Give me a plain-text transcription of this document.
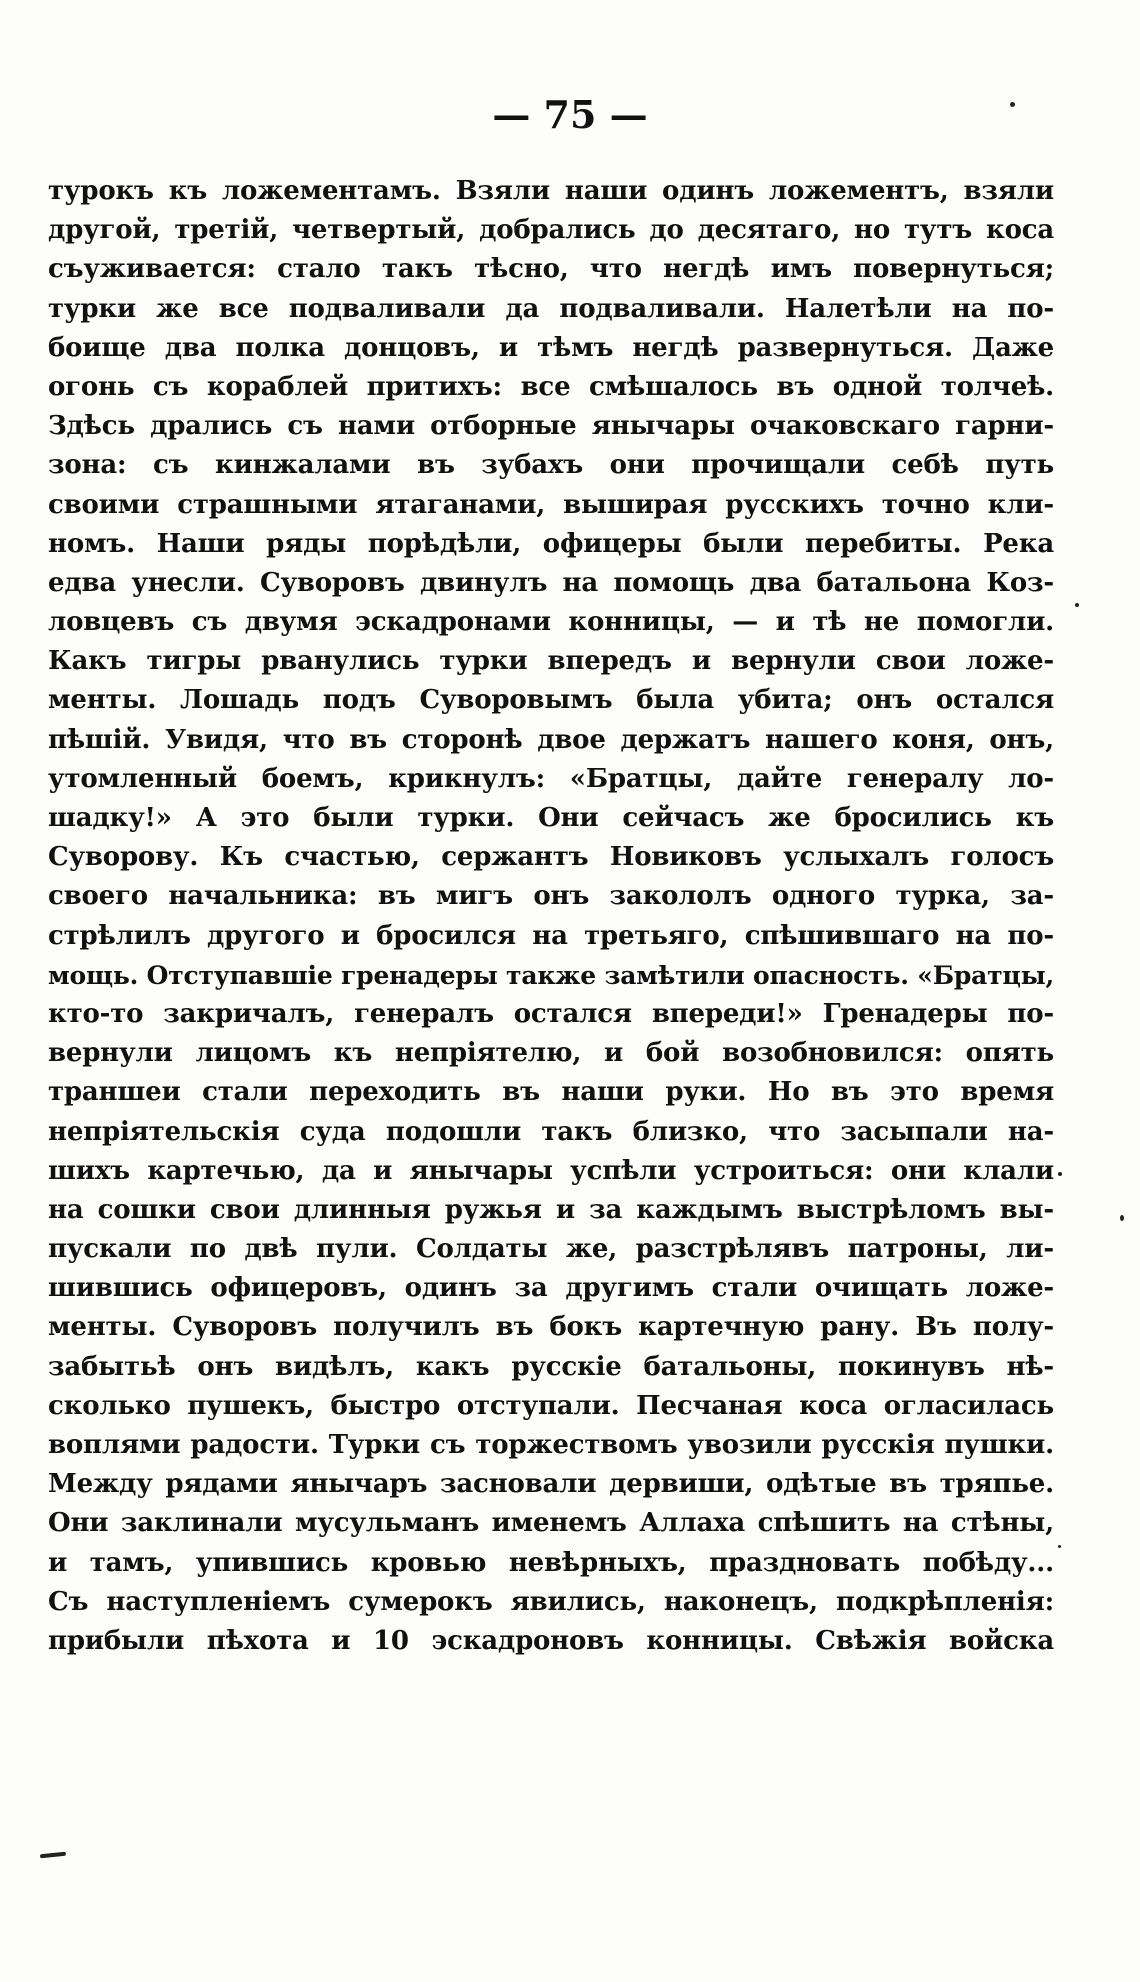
— 75 —
турокъ къ ложементамъ. Взяли наши одинъ ложементъ, взяли
другой, третій, четвертый, добрались до десятаго, но тутъ коса
съуживается: стало такъ тѣсно, что негдѣ имъ повернуться;
турки же все подваливали да подваливали. Налетѣли на по-
боище два полка донцовъ, и тѣмъ негдѣ развернуться. Даже
огонь съ кораблей притихъ: все смѣшалось въ одной толчеѣ.
Здѣсь дрались съ нами отборные янычары очаковскаго гарни-
зона: съ кинжалами въ зубахъ они прочищали себѣ путь
своими страшными ятаганами, выширая русскихъ точно кли-
номъ. Наши ряды порѣдѣли, офицеры были перебиты. Река
едва унесли. Суворовъ двинулъ на помощь два батальона Коз-
ловцевъ съ двумя эскадронами конницы, — и тѣ не помогли.
Какъ тигры рванулись турки впередъ и вернули свои ложе-
менты. Лошадь подъ Суворовымъ была убита; онъ остался
пѣшій. Увидя, что въ сторонѣ двое держатъ нашего коня, онъ,
утомленный боемъ, крикнулъ: «Братцы, дайте генералу ло-
шадку!» А это были турки. Они сейчасъ же бросились къ
Суворову. Къ счастью, сержантъ Новиковъ услыхалъ голосъ
своего начальника: въ мигъ онъ закололъ одного турка, за-
стрѣлилъ другого и бросился на третьяго, спѣшившаго на по-
мощь. Отступавшіе гренадеры также замѣтили опасность. «Братцы,
кто-то закричалъ, генералъ остался впереди!» Гренадеры по-
вернули лицомъ къ непріятелю, и бой возобновился: опять
траншеи стали переходить въ наши руки. Но въ это время
непріятельскія суда подошли такъ близко, что засыпали на-
шихъ картечью, да и янычары успѣли устроиться: они клали
на сошки свои длинныя ружья и за каждымъ выстрѣломъ вы-
пускали по двѣ пули. Солдаты же, разстрѣлявъ патроны, ли-
шившись офицеровъ, одинъ за другимъ стали очищать ложе-
менты. Суворовъ получилъ въ бокъ картечную рану. Въ полу-
забытьѣ онъ видѣлъ, какъ русскіе батальоны, покинувъ нѣ-
сколько пушекъ, быстро отступали. Песчаная коса огласилась
воплями радости. Турки съ торжествомъ увозили русскія пушки.
Между рядами янычаръ засновали дервиши, одѣтые въ тряпье.
Они заклинали мусульманъ именемъ Аллаха спѣшить на стѣны,
и тамъ, упившись кровью невѣрныхъ, праздновать побѣду...
Съ наступленіемъ сумерокъ явились, наконецъ, подкрѣпленія:
прибыли пѣхота и 10 эскадроновъ конницы. Свѣжія войска
